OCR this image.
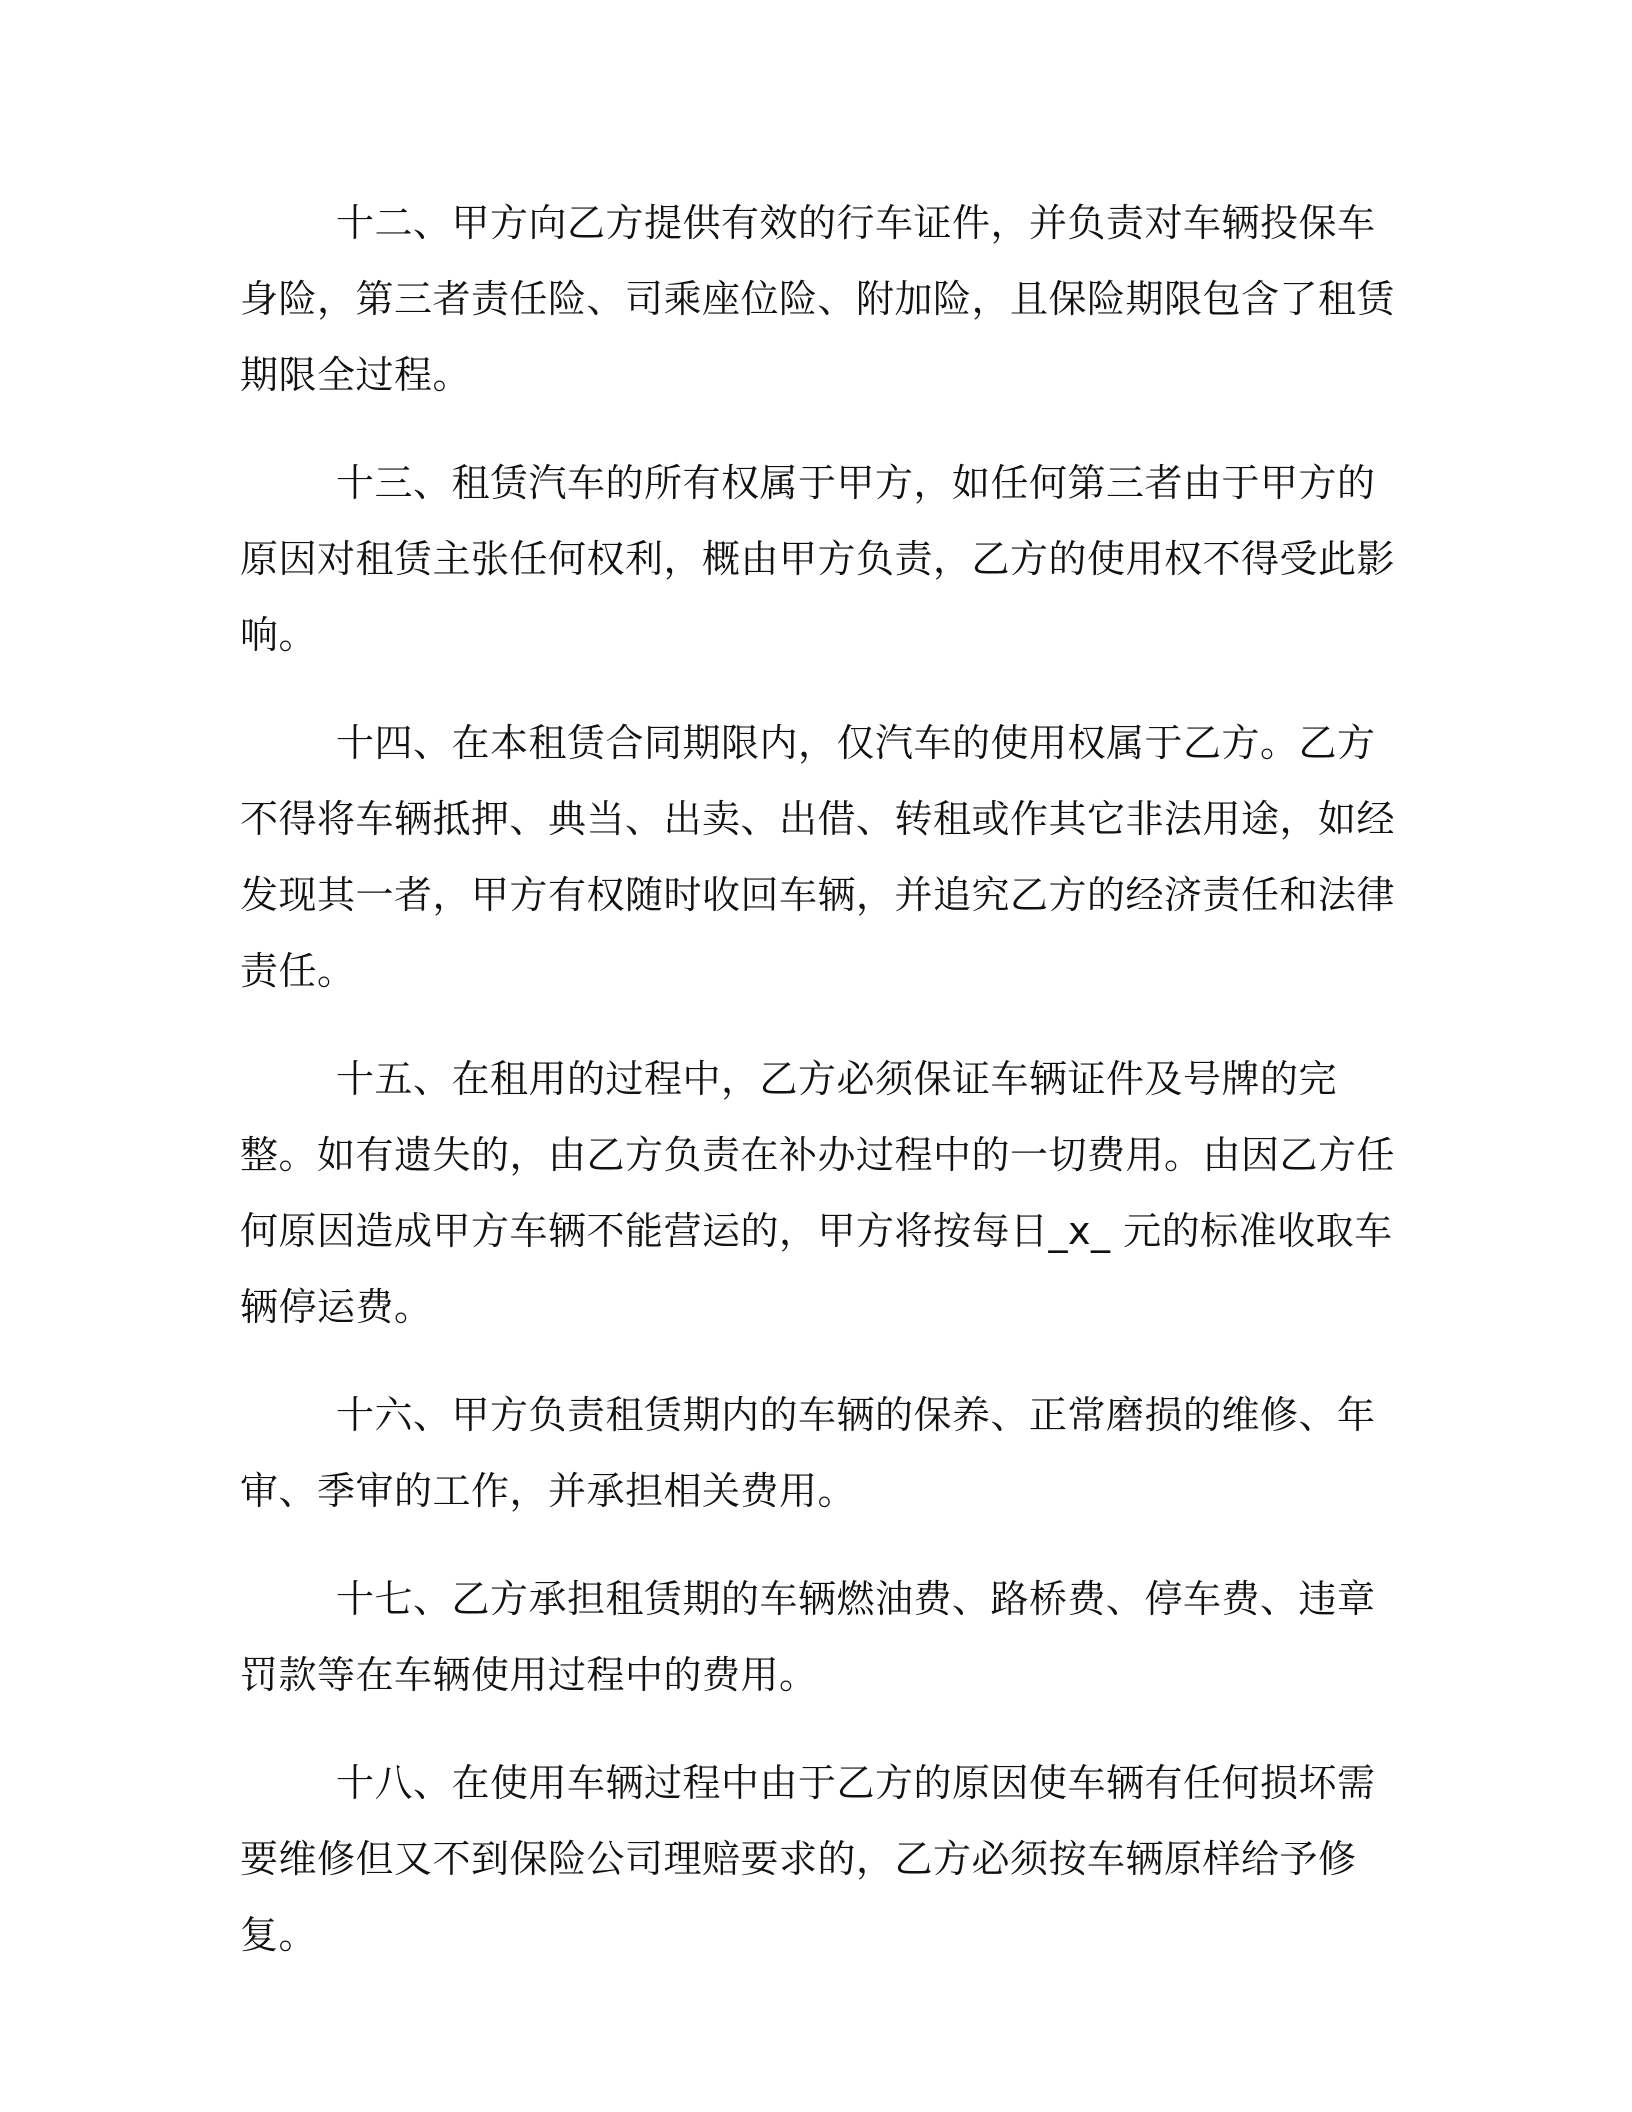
十二、甲方向乙方提供有效的行车证件，并负责对车辆投保车身险，第三者责任险、司乘座位险、附加险，且保险期限包含了租赁 期限全过程。

十三、租赁汽车的所有权属于甲方，如任何第三者由于甲方的原因对租赁主张任何权利，概由甲方负责，乙方的使用权不得受此影 响。

十四、在本租赁合同期限内，仅汽车的使用权属于乙方。乙方不得将车辆抵押、典当、出卖、出借、转租或作其它非法用途，如经发现其一者，甲方有权随时收回车辆，并追究乙方的经济责任和法律责任。

十五、在租用的过程中，乙方必须保证车辆证件及号牌的完整。如有遗失的，由乙方负责在补办过程中的一切费用。由因乙方任何原因造成甲方车辆不能营运的，甲方将按每日_x_ 元的标准收取车辆停运费。

十六、甲方负责租赁期内的车辆的保养、正常磨损的维修、年审、季审的工作，并承担相关费用。

十七、乙方承担租赁期的车辆燃油费、路桥费、停车费、违章罚款等在车辆使用过程中的费用。

十八、在使用车辆过程中由于乙方的原因使车辆有任何损坏需要维修但又不到保险公司理赔要求的，乙方必须按车辆原样给予修复。
